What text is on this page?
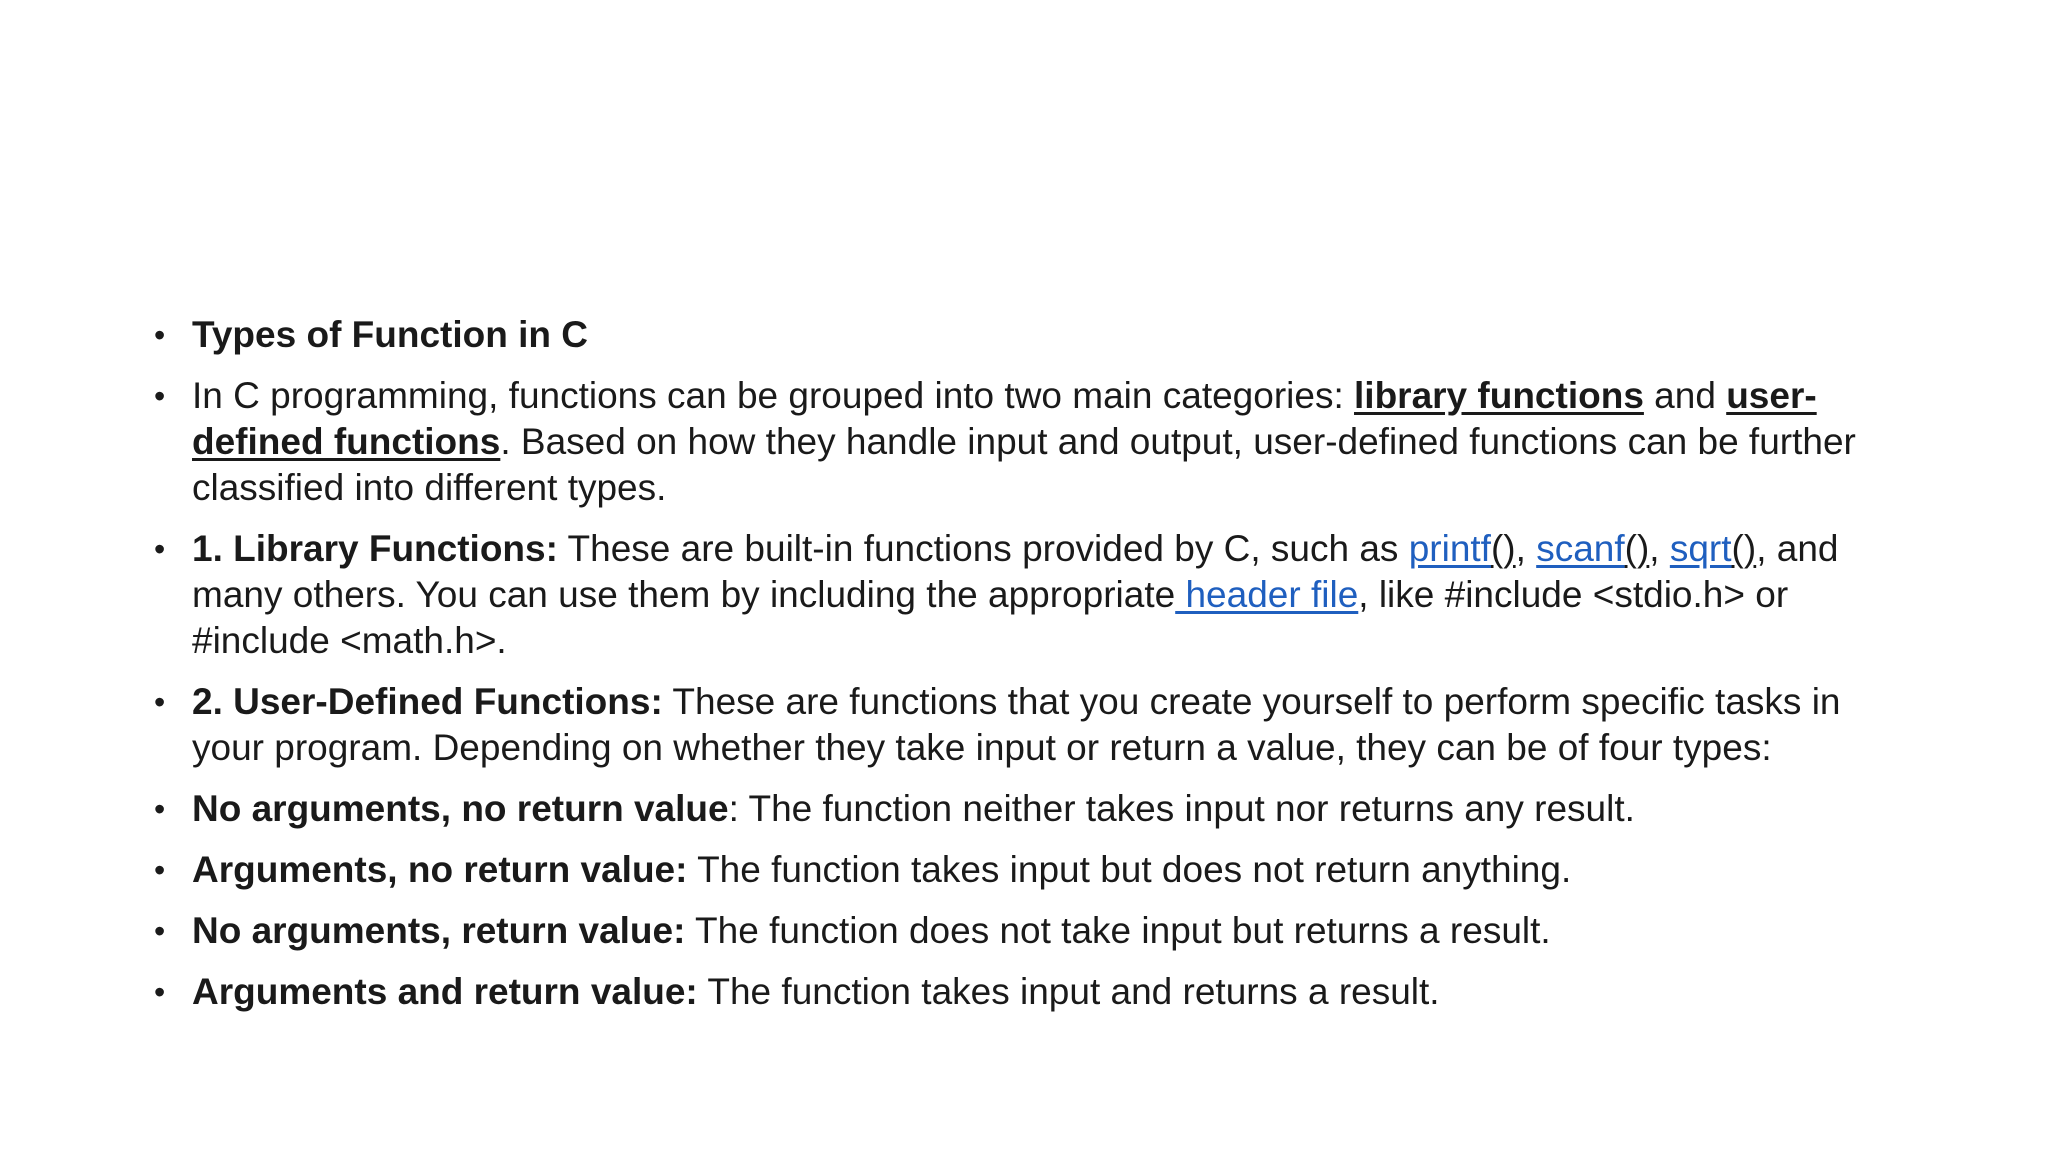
• Types of Function in C
• In C programming, functions can be grouped into two main categories: library functions and user-defined functions. Based on how they handle input and output, user-defined functions can be further classified into different types.
• 1. Library Functions: These are built-in functions provided by C, such as printf(), scanf(), sqrt(), and many others. You can use them by including the appropriate header file, like #include <stdio.h> or #include <math.h>.
• 2. User-Defined Functions: These are functions that you create yourself to perform specific tasks in your program. Depending on whether they take input or return a value, they can be of four types:
• No arguments, no return value: The function neither takes input nor returns any result.
• Arguments, no return value: The function takes input but does not return anything.
• No arguments, return value: The function does not take input but returns a result.
• Arguments and return value: The function takes input and returns a result.
